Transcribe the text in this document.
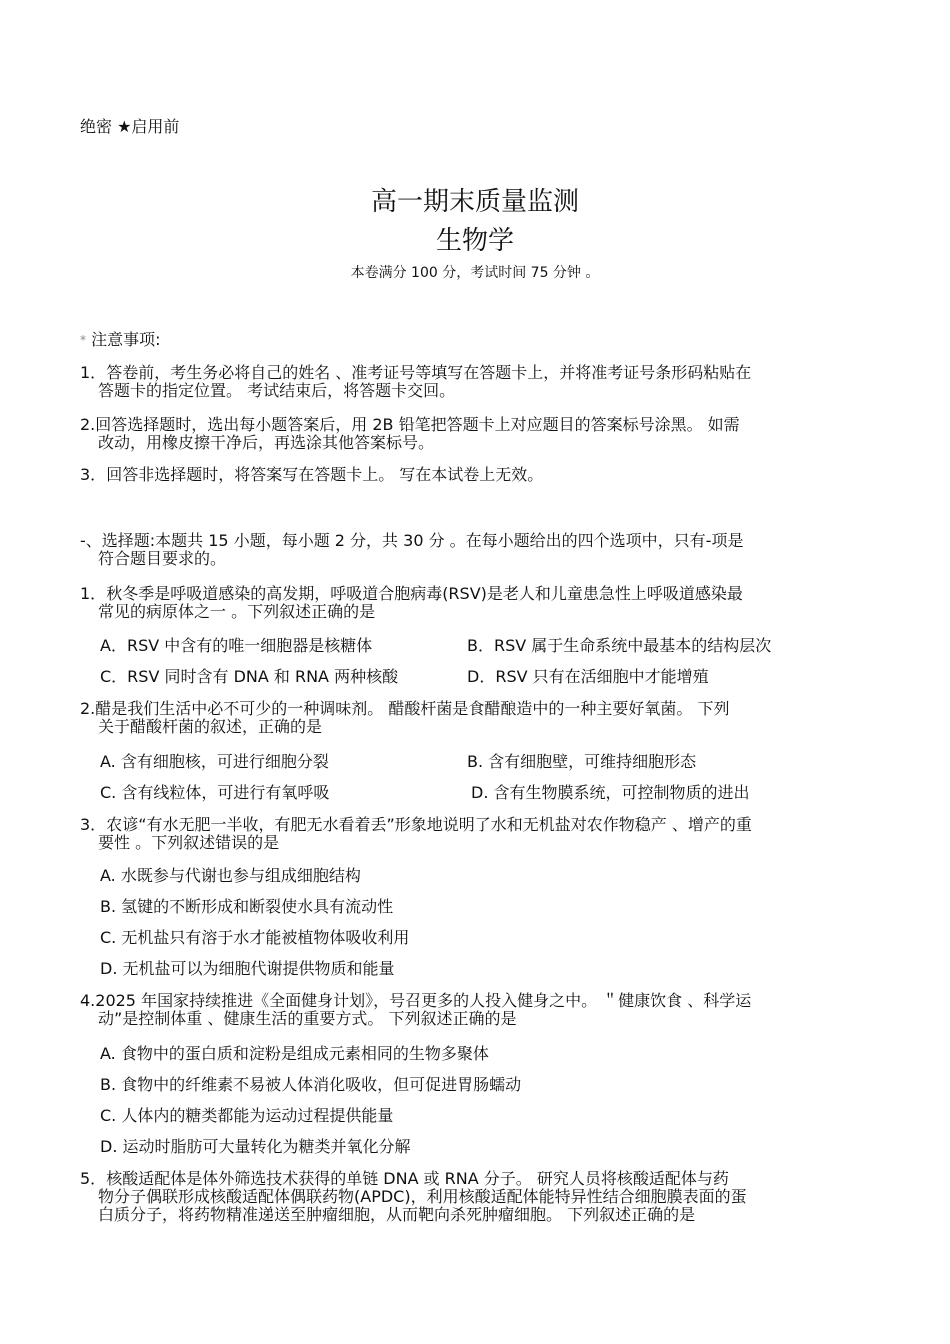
绝密 ★启用前
高一期末质量监测
生物学
本卷满分 100 分，考试时间 75 分钟 。
* 注意事项:
1．答卷前，考生务必将自己的姓名 、准考证号等填写在答题卡上，并将准考证号条形码粘贴在
答题卡的指定位置。 考试结束后，将答题卡交回。
2.回答选择题时，选出每小题答案后，用 2B 铅笔把答题卡上对应题目的答案标号涂黑。 如需
改动，用橡皮擦干净后，再选涂其他答案标号。
3．回答非选择题时，将答案写在答题卡上。 写在本试卷上无效。
-、选择题:本题共 15 小题，每小题 2 分，共 30 分 。在每小题给出的四个选项中，只有-项是
符合题目要求的。
1．秋冬季是呼吸道感染的高发期，呼吸道合胞病毒(RSV)是老人和儿童患急性上呼吸道感染最
常见的病原体之一 。下列叙述正确的是
A．RSV 中含有的唯一细胞器是核糖体	B．RSV 属于生命系统中最基本的结构层次
C．RSV 同时含有 DNA 和 RNA 两种核酸	D．RSV 只有在活细胞中才能增殖
2.醋是我们生活中必不可少的一种调味剂。 醋酸杆菌是食醋酿造中的一种主要好氧菌。 下列
关于醋酸杆菌的叙述，正确的是
A. 含有细胞核，可进行细胞分裂	B. 含有细胞壁，可维持细胞形态
C. 含有线粒体，可进行有氧呼吸	D. 含有生物膜系统，可控制物质的进出
3．农谚“有水无肥一半收，有肥无水看着丢”形象地说明了水和无机盐对农作物稳产 、增产的重
要性 。下列叙述错误的是
A. 水既参与代谢也参与组成细胞结构
B. 氢键的不断形成和断裂使水具有流动性
C. 无机盐只有溶于水才能被植物体吸收利用
D. 无机盐可以为细胞代谢提供物质和能量
4.2025 年国家持续推进《全面健身计划》，号召更多的人投入健身之中。 ＂健康饮食 、科学运
动”是控制体重 、健康生活的重要方式。 下列叙述正确的是
A. 食物中的蛋白质和淀粉是组成元素相同的生物多聚体
B. 食物中的纤维素不易被人体消化吸收，但可促进胃肠蠕动
C. 人体内的糖类都能为运动过程提供能量
D. 运动时脂肪可大量转化为糖类并氧化分解
5．核酸适配体是体外筛选技术获得的单链 DNA 或 RNA 分子。 研究人员将核酸适配体与药
物分子偶联形成核酸适配体偶联药物(APDC)，利用核酸适配体能特异性结合细胞膜表面的蛋
白质分子，将药物精准递送至肿瘤细胞，从而靶向杀死肿瘤细胞。 下列叙述正确的是
